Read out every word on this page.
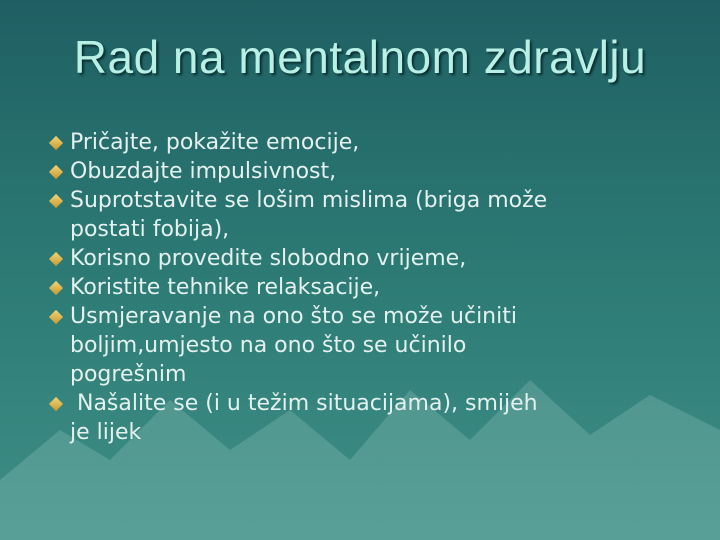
Rad na mentalnom zdravlju
Pričajte, pokažite emocije,
Obuzdajte impulsivnost,
Suprotstavite se lošim mislima (briga može
postati fobija),
Korisno provedite slobodno vrijeme,
Koristite tehnike relaksacije,
Usmjeravanje na ono što se može učiniti
boljim,umjesto na ono što se učinilo
pogrešnim
Našalite se (i u težim situacijama), smijeh
je lijek
